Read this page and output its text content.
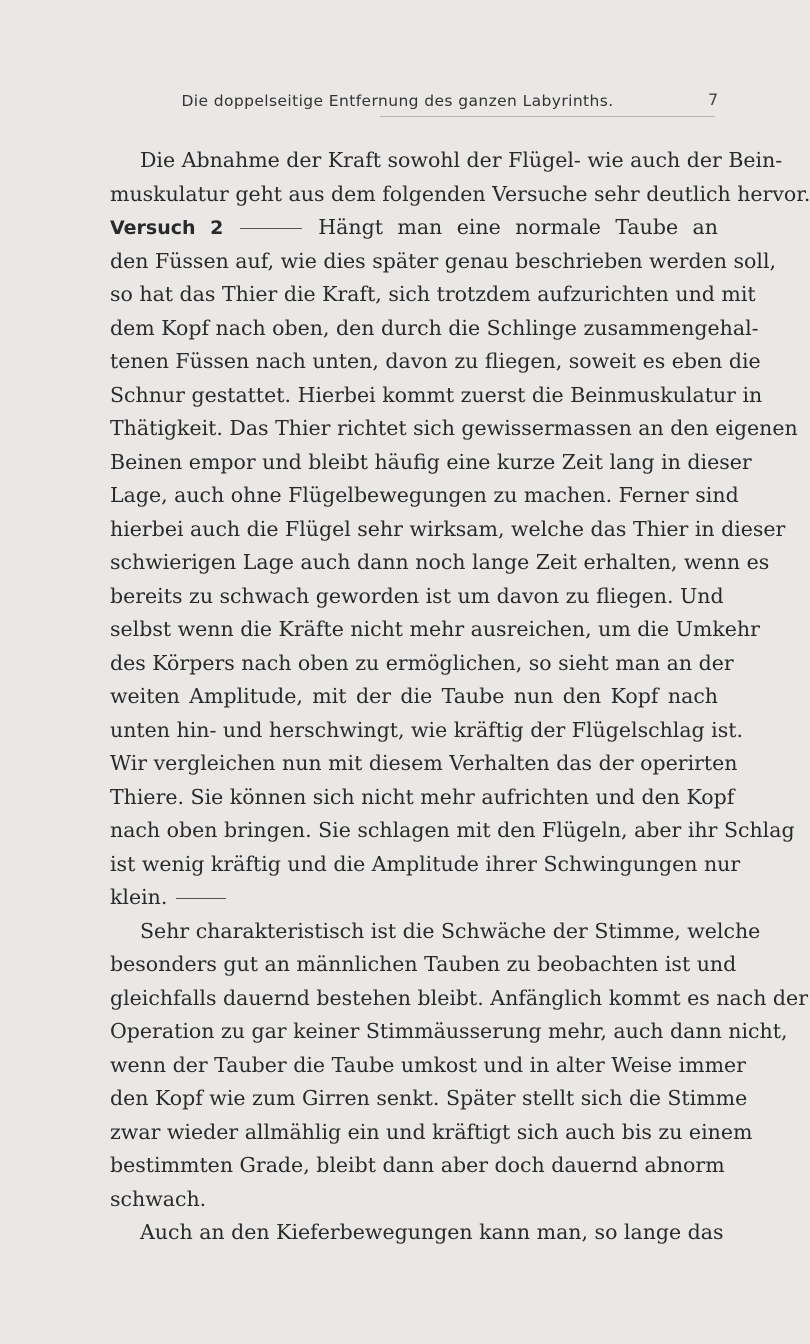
Die doppelseitige Entfernung des ganzen Labyrinths.	7
Die Abnahme der Kraft sowohl der Flügel- wie auch der Bein-
muskulatur geht aus dem folgenden Versuche sehr deutlich hervor.
Versuch 2	Hängt man eine normale Taube an
den Füssen auf, wie dies später genau beschrieben werden soll,
so hat das Thier die Kraft, sich trotzdem aufzurichten und mit
dem Kopf nach oben, den durch die Schlinge zusammengehal-
tenen Füssen nach unten, davon zu fliegen, soweit es eben die
Schnur gestattet. Hierbei kommt zuerst die Beinmuskulatur in
Thätigkeit. Das Thier richtet sich gewissermassen an den eigenen
Beinen empor und bleibt häufig eine kurze Zeit lang in dieser
Lage, auch ohne Flügelbewegungen zu machen. Ferner sind
hierbei auch die Flügel sehr wirksam, welche das Thier in dieser
schwierigen Lage auch dann noch lange Zeit erhalten, wenn es
bereits zu schwach geworden ist um davon zu fliegen. Und
selbst wenn die Kräfte nicht mehr ausreichen, um die Umkehr
des Körpers nach oben zu ermöglichen, so sieht man an der
weiten Amplitude, mit der die Taube nun den Kopf nach
unten hin- und herschwingt, wie kräftig der Flügelschlag ist.
Wir vergleichen nun mit diesem Verhalten das der operirten
Thiere. Sie können sich nicht mehr aufrichten und den Kopf
nach oben bringen. Sie schlagen mit den Flügeln, aber ihr Schlag
ist wenig kräftig und die Amplitude ihrer Schwingungen nur
klein.
Sehr charakteristisch ist die Schwäche der Stimme, welche
besonders gut an männlichen Tauben zu beobachten ist und
gleichfalls dauernd bestehen bleibt. Anfänglich kommt es nach der
Operation zu gar keiner Stimmäusserung mehr, auch dann nicht,
wenn der Tauber die Taube umkost und in alter Weise immer
den Kopf wie zum Girren senkt. Später stellt sich die Stimme
zwar wieder allmählig ein und kräftigt sich auch bis zu einem
bestimmten Grade, bleibt dann aber doch dauernd abnorm
schwach.
Auch an den Kieferbewegungen kann man, so lange das
